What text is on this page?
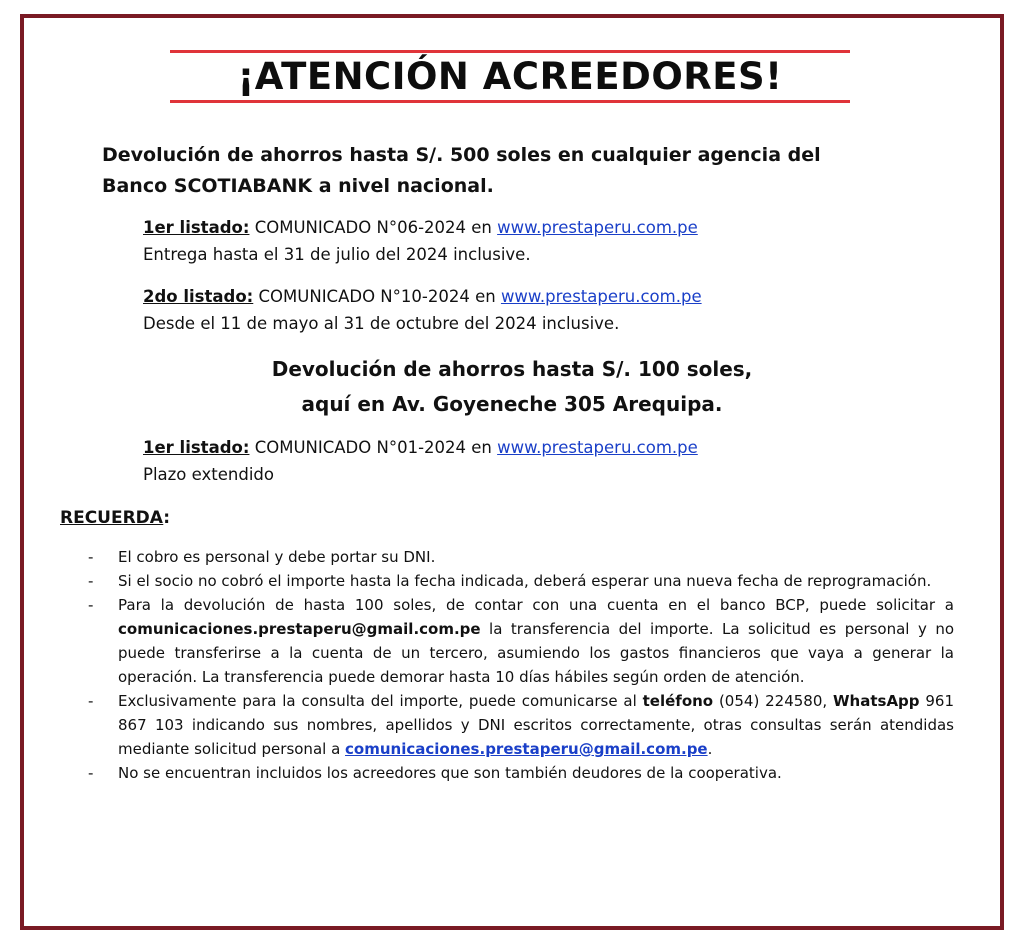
¡ATENCIÓN ACREEDORES!
Devolución de ahorros hasta S/. 500 soles en cualquier agencia del
Banco SCOTIABANK a nivel nacional.
1er listado: COMUNICADO N°06-2024 en www.prestaperu.com.pe
Entrega hasta el 31 de julio del 2024 inclusive.
2do listado: COMUNICADO N°10-2024 en www.prestaperu.com.pe
Desde el 11 de mayo al 31 de octubre del 2024 inclusive.
Devolución de ahorros hasta S/. 100 soles,
aquí en Av. Goyeneche 305 Arequipa.
1er listado: COMUNICADO N°01-2024 en www.prestaperu.com.pe
Plazo extendido
RECUERDA:
- El cobro es personal y debe portar su DNI.
- Si el socio no cobró el importe hasta la fecha indicada, deberá esperar una nueva fecha de reprogramación.
- Para la devolución de hasta 100 soles, de contar con una cuenta en el banco BCP, puede solicitar a comunicaciones.prestaperu@gmail.com.pe la transferencia del importe. La solicitud es personal y no puede transferirse a la cuenta de un tercero, asumiendo los gastos financieros que vaya a generar la operación. La transferencia puede demorar hasta 10 días hábiles según orden de atención.
- Exclusivamente para la consulta del importe, puede comunicarse al teléfono (054) 224580, WhatsApp 961 867 103 indicando sus nombres, apellidos y DNI escritos correctamente, otras consultas serán atendidas mediante solicitud personal a comunicaciones.prestaperu@gmail.com.pe.
- No se encuentran incluidos los acreedores que son también deudores de la cooperativa.
